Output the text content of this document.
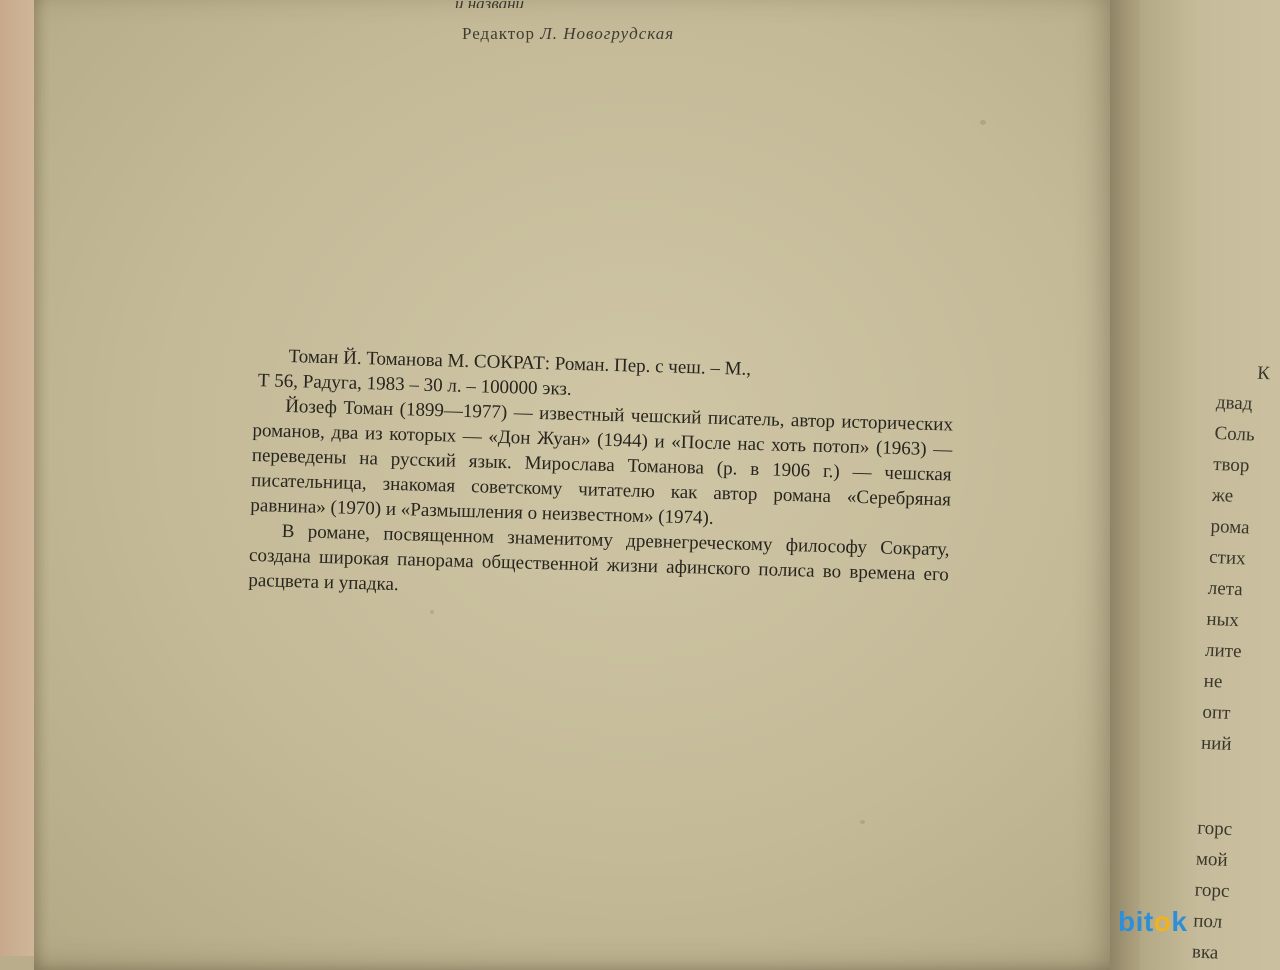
Редактор Л. Новогрудская

Томан Й. Томанова М. СОКРАТ: Роман. Пер. с чеш. – М.,

Т 56, Радуга, 1983 – 30 л. – 100000 экз.

Йозеф Томан (1899—1977) — известный чешский писатель, автор исторических романов, два из которых — «Дон Жуан» (1944) и «После нас хоть потоп» (1963) — переведены на русский язык. Мирослава Томанова (р. в 1906 г.) — чешская писательница, знакомая советскому читателю как автор романа «Серебряная равнина» (1970) и «Размышления о неизвестном» (1974).

В романе, посвященном знаменитому древнегреческому философу Сократу, создана широкая панорама общественной жизни афинского полиса во времена его расцвета и упадка.

К
двад
Соль
твор
же
рома
стих
лета
ных
лите
не
опт
ний
горс
мой
горс
пол
вка
bitok
